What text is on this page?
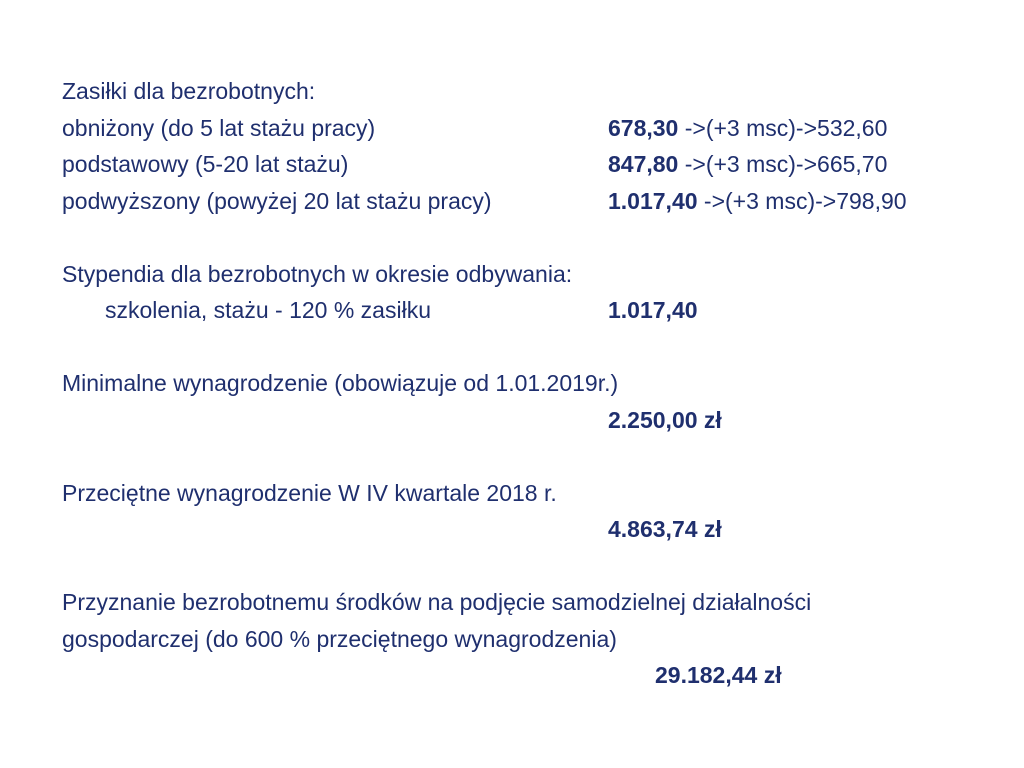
Zasiłki dla bezrobotnych:
obniżony (do 5 lat stażu pracy)	678,30 ->(+3 msc)->532,60
podstawowy (5-20 lat stażu)	847,80 ->(+3 msc)->665,70
podwyższony (powyżej 20 lat stażu pracy)	1.017,40 ->(+3 msc)->798,90
Stypendia dla bezrobotnych w okresie odbywania:
szkolenia, stażu - 120 % zasiłku	1.017,40
Minimalne wynagrodzenie (obowiązuje od 1.01.2019r.)
2.250,00 zł
Przeciętne wynagrodzenie W IV kwartale 2018 r.
4.863,74 zł
Przyznanie bezrobotnemu środków na podjęcie samodzielnej działalności
gospodarczej (do 600 % przeciętnego wynagrodzenia)
29.182,44 zł
